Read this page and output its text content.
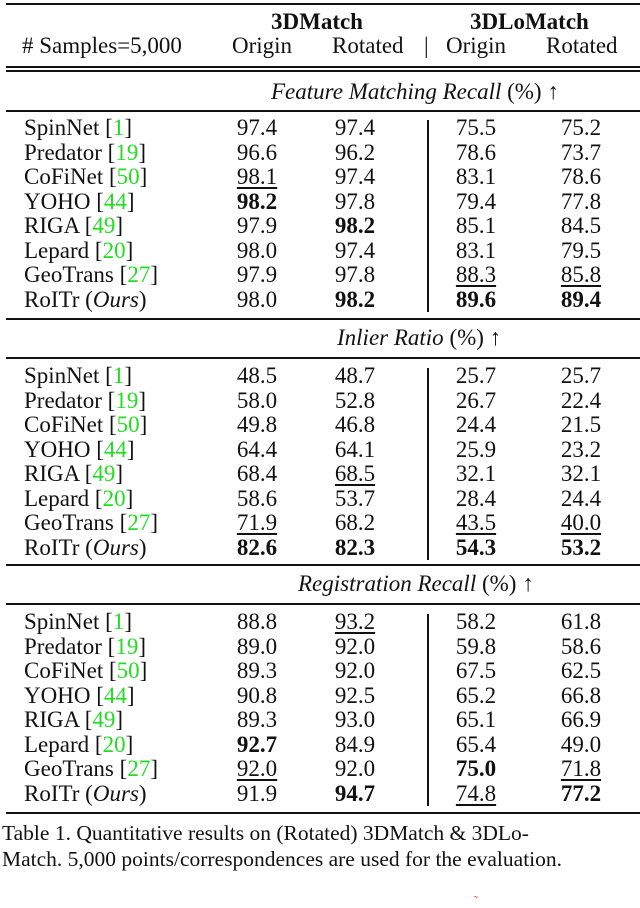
3DMatch	3DLoMatch
# Samples=5,000 Origin Rotated | Origin Rotated
Feature Matching Recall (%) ↑
SpinNet [1]	97.4	97.4	75.5	75.2
Predator [19]	96.6	96.2	78.6	73.7
CoFiNet [50]	98.1	97.4	83.1	78.6
YOHO [44]	98.2	97.8	79.4	77.8
RIGA [49]	97.9	98.2	85.1	84.5
Lepard [20]	98.0	97.4	83.1	79.5
GeoTrans [27]	97.9	97.8	88.3	85.8
RoITr (Ours)	98.0	98.2	89.6	89.4
Inlier Ratio (%) ↑
SpinNet [1]	48.5	48.7	25.7	25.7
Predator [19]	58.0	52.8	26.7	22.4
CoFiNet [50]	49.8	46.8	24.4	21.5
YOHO [44]	64.4	64.1	25.9	23.2
RIGA [49]	68.4	68.5	32.1	32.1
Lepard [20]	58.6	53.7	28.4	24.4
GeoTrans [27]	71.9	68.2	43.5	40.0
RoITr (Ours)	82.6	82.3	54.3	53.2
Registration Recall (%) ↑
SpinNet [1]	88.8	93.2	58.2	61.8
Predator [19]	89.0	92.0	59.8	58.6
CoFiNet [50]	89.3	92.0	67.5	62.5
YOHO [44]	90.8	92.5	65.2	66.8
RIGA [49]	89.3	93.0	65.1	66.9
Lepard [20]	92.7	84.9	65.4	49.0
GeoTrans [27]	92.0	92.0	75.0	71.8
RoITr (Ours)	91.9	94.7	74.8	77.2
Table 1. Quantitative results on (Rotated) 3DMatch & 3DLo-
Match. 5,000 points/correspondences are used for the evaluation.
˜
